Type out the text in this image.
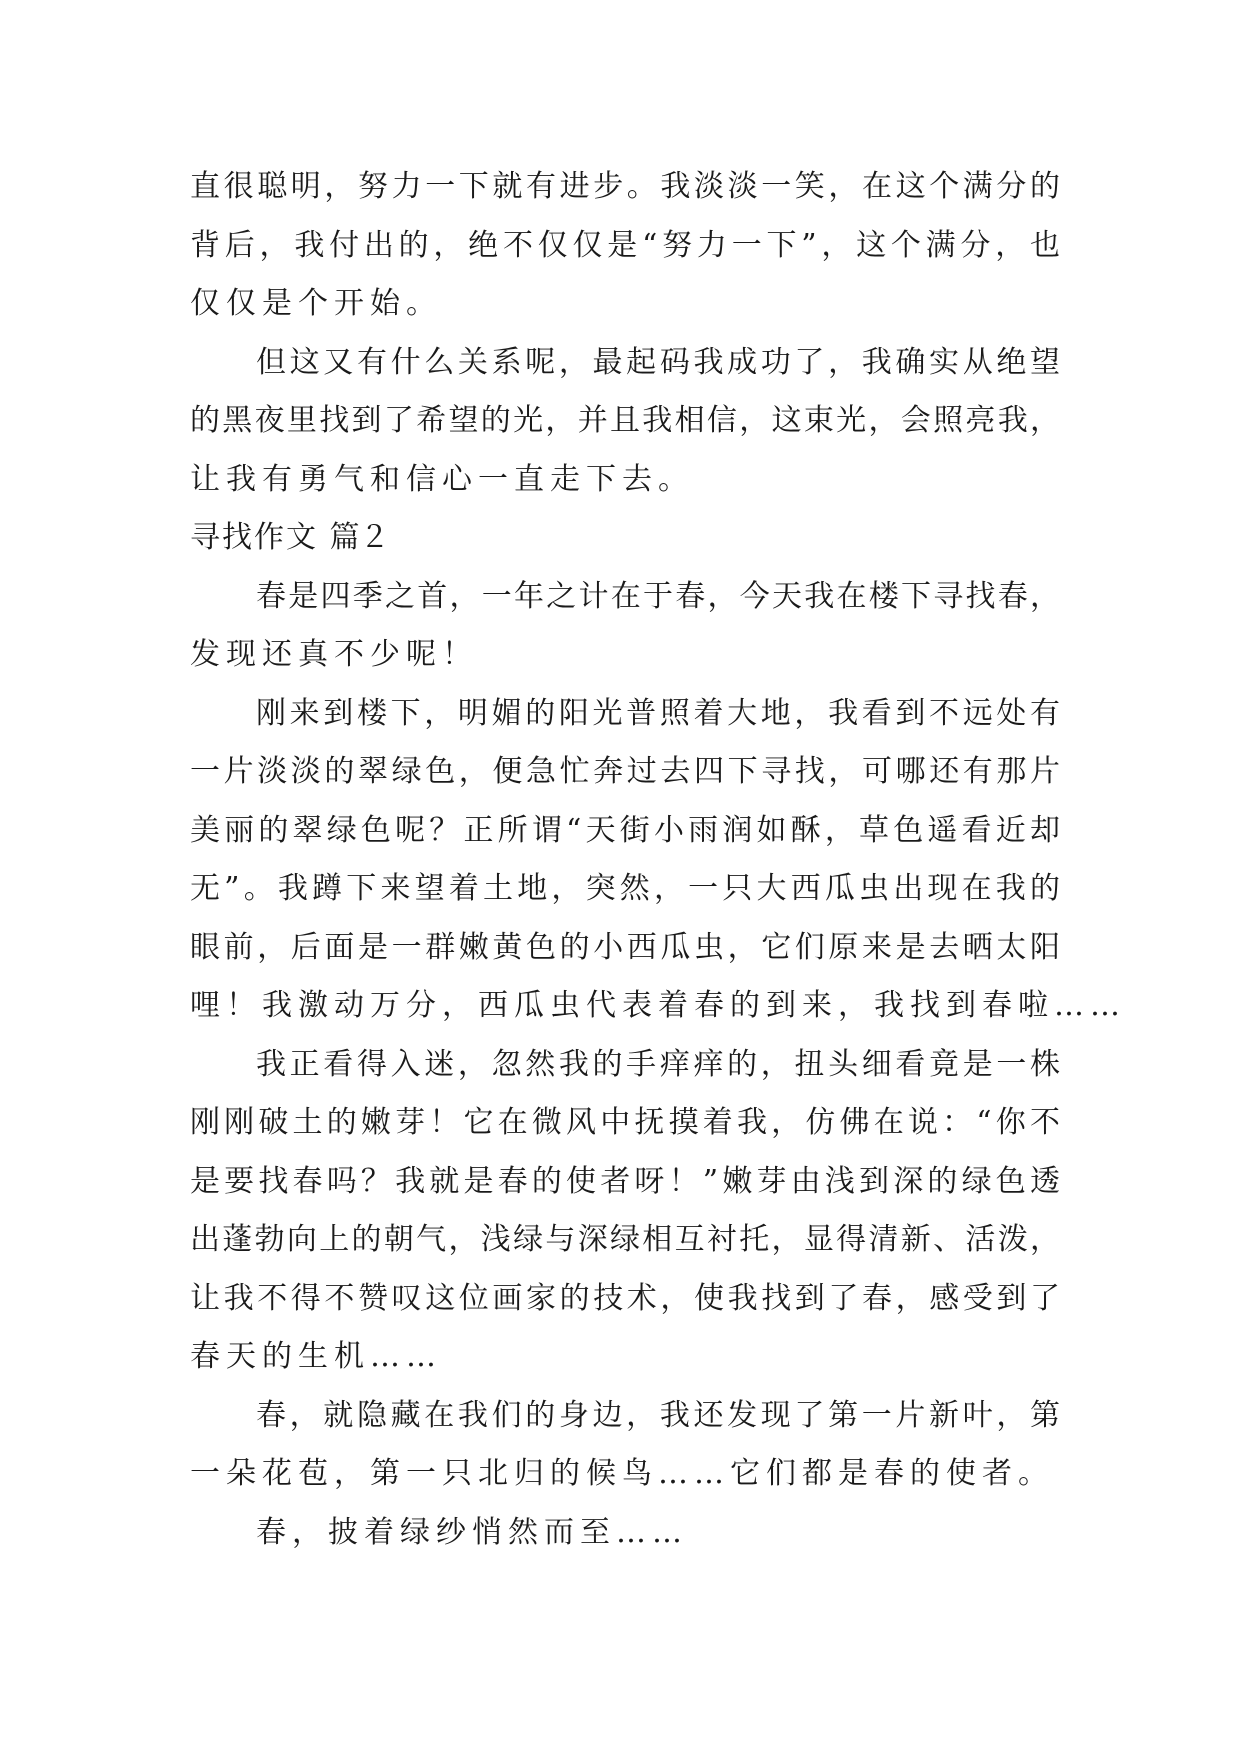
直很聪明，努力一下就有进步。我淡淡一笑，在这个满分的
背后，我付出的，绝不仅仅是“努力一下”，这个满分，也
仅仅是个开始。
但这又有什么关系呢，最起码我成功了，我确实从绝望
的黑夜里找到了希望的光，并且我相信，这束光，会照亮我，
让我有勇气和信心一直走下去。
寻找作文 篇２
春是四季之首，一年之计在于春，今天我在楼下寻找春，
发现还真不少呢！
刚来到楼下，明媚的阳光普照着大地，我看到不远处有
一片淡淡的翠绿色，便急忙奔过去四下寻找，可哪还有那片
美丽的翠绿色呢？正所谓“天街小雨润如酥，草色遥看近却
无”。我蹲下来望着土地，突然，一只大西瓜虫出现在我的
眼前，后面是一群嫩黄色的小西瓜虫，它们原来是去晒太阳
哩！我激动万分，西瓜虫代表着春的到来，我找到春啦……
我正看得入迷，忽然我的手痒痒的，扭头细看竟是一株
刚刚破土的嫩芽！它在微风中抚摸着我，仿佛在说：“你不
是要找春吗？我就是春的使者呀！”嫩芽由浅到深的绿色透
出蓬勃向上的朝气，浅绿与深绿相互衬托，显得清新、活泼，
让我不得不赞叹这位画家的技术，使我找到了春，感受到了
春天的生机……
春，就隐藏在我们的身边，我还发现了第一片新叶，第
一朵花苞，第一只北归的候鸟……它们都是春的使者。
春，披着绿纱悄然而至……
